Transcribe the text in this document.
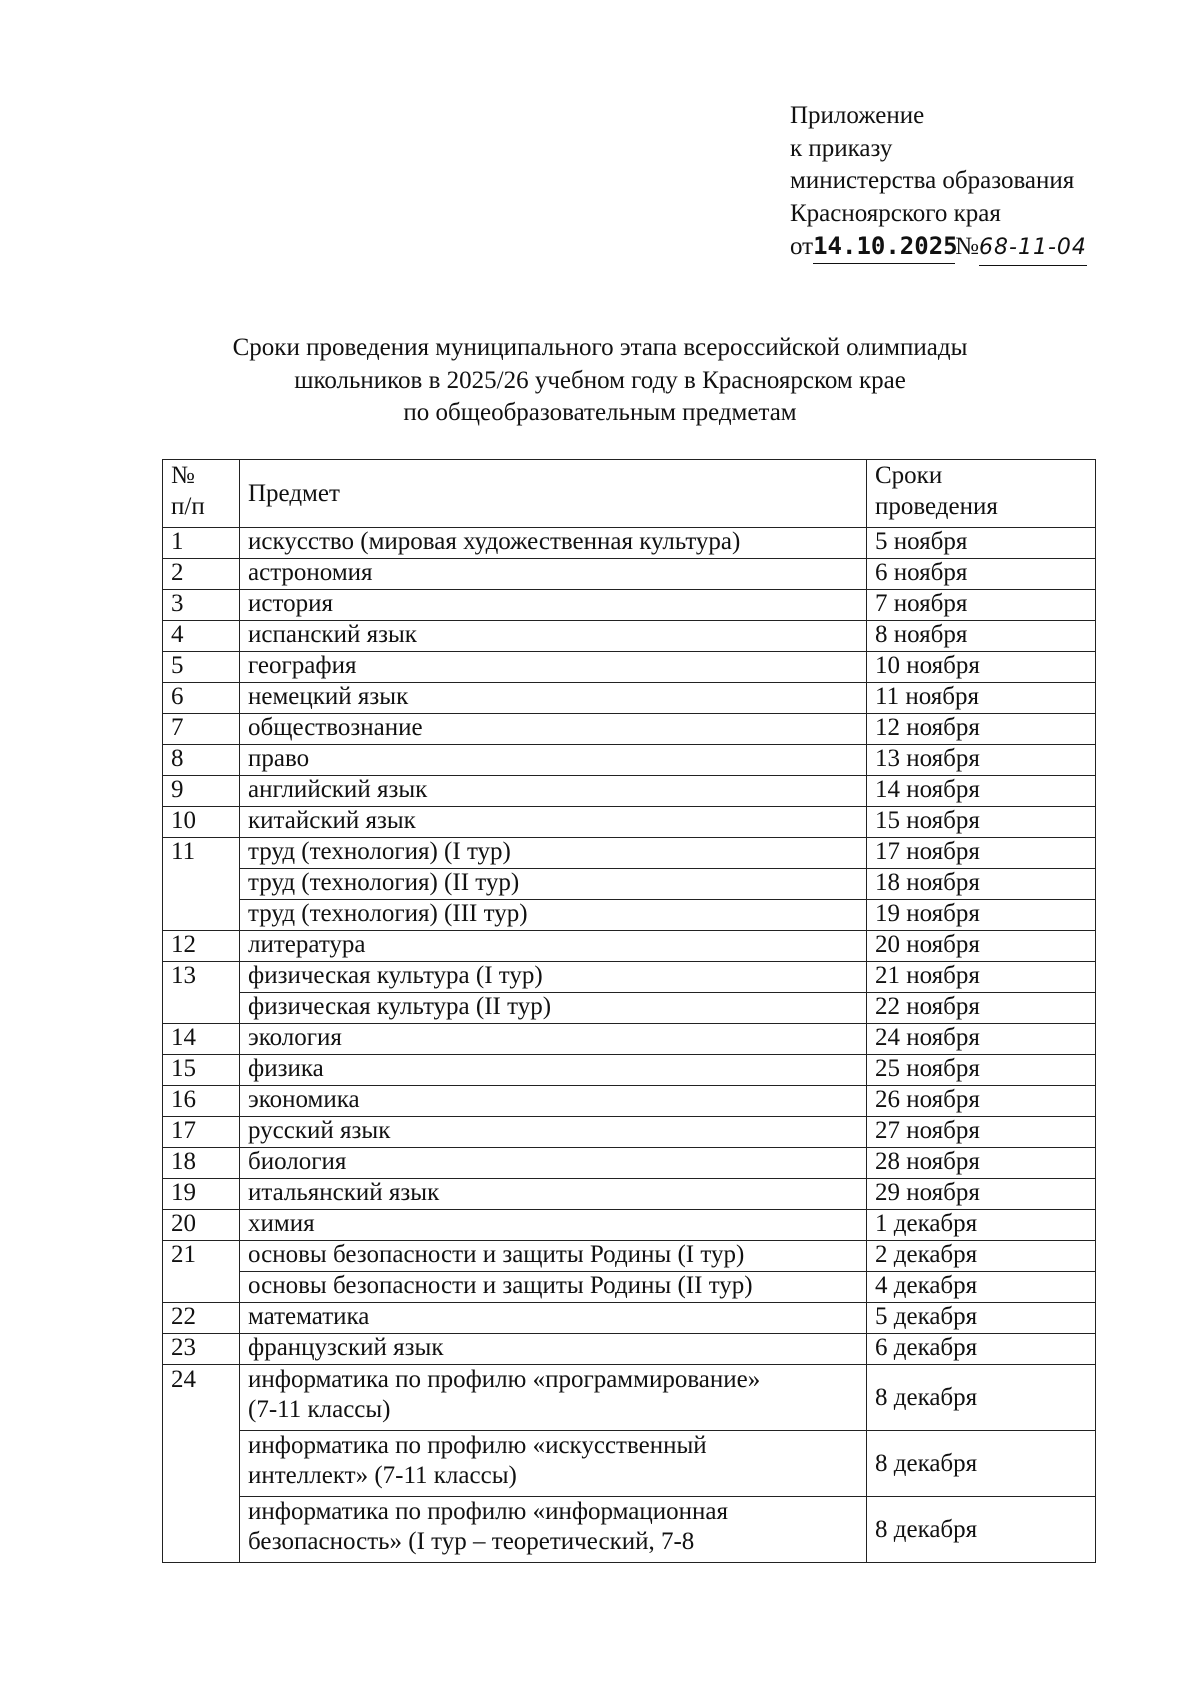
Приложение
к приказу
министерства образования
Красноярского края
от14.10.2025№68-11-04
Сроки проведения муниципального этапа всероссийской олимпиады
школьников в 2025/26 учебном году в Красноярском крае
по общеобразовательным предметам
№
п/п	Предмет	Сроки
проведения
1	искусство (мировая художественная культура)	5 ноября
2	астрономия	6 ноября
3	история	7 ноября
4	испанский язык	8 ноября
5	география	10 ноября
6	немецкий язык	11 ноября
7	обществознание	12 ноября
8	право	13 ноября
9	английский язык	14 ноября
10	китайский язык	15 ноября
11	труд (технология) (I тур)	17 ноября
	труд (технология) (II тур)	18 ноября
	труд (технология) (III тур)	19 ноября
12	литература	20 ноября
13	физическая культура (I тур)	21 ноября
	физическая культура (II тур)	22 ноября
14	экология	24 ноября
15	физика	25 ноября
16	экономика	26 ноября
17	русский язык	27 ноября
18	биология	28 ноября
19	итальянский язык	29 ноября
20	химия	1 декабря
21	основы безопасности и защиты Родины (I тур)	2 декабря
	основы безопасности и защиты Родины (II тур)	4 декабря
22	математика	5 декабря
23	французский язык	6 декабря
24	информатика по профилю «программирование»
(7-11 классы)	8 декабря
	информатика по профилю «искусственный
интеллект» (7-11 классы)	8 декабря
	информатика по профилю «информационная
безопасность» (I тур – теоретический, 7-8	8 декабря
